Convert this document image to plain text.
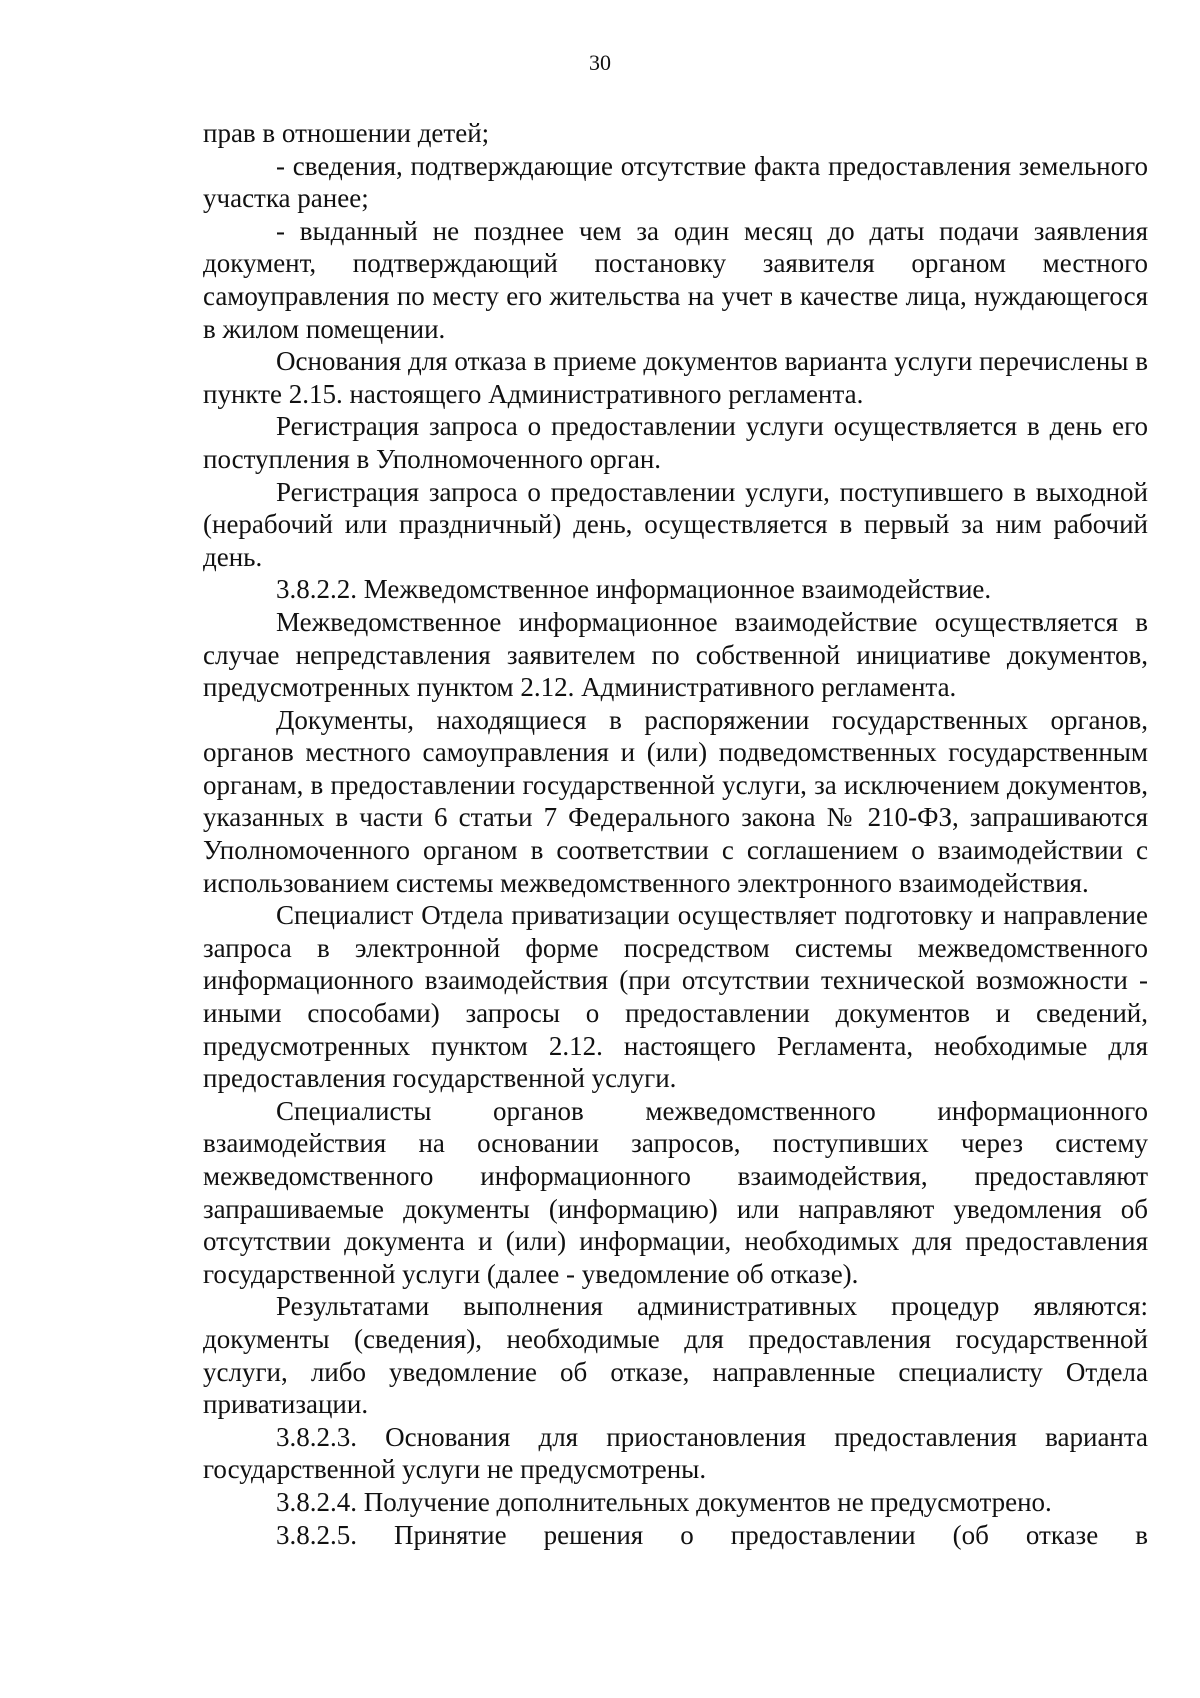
30

прав в отношении детей;

- сведения, подтверждающие отсутствие факта предоставления земельного участка ранее;

- выданный не позднее чем за один месяц до даты подачи заявления документ, подтверждающий постановку заявителя органом местного самоуправления по месту его жительства на учет в качестве лица, нуждающегося в жилом помещении.

Основания для отказа в приеме документов варианта услуги перечислены в пункте 2.15. настоящего Административного регламента.

Регистрация запроса о предоставлении услуги осуществляется в день его поступления в Уполномоченного орган.

Регистрация запроса о предоставлении услуги, поступившего в выходной (нерабочий или праздничный) день, осуществляется в первый за ним рабочий день.

3.8.2.2. Межведомственное информационное взаимодействие.

Межведомственное информационное взаимодействие осуществляется в случае непредставления заявителем по собственной инициативе документов, предусмотренных пунктом 2.12. Административного регламента.

Документы, находящиеся в распоряжении государственных органов, органов местного самоуправления и (или) подведомственных государственным органам, в предоставлении государственной услуги, за исключением документов, указанных в части 6 статьи 7 Федерального закона № 210-ФЗ, запрашиваются Уполномоченного органом в соответствии с соглашением о взаимодействии с использованием системы межведомственного электронного взаимодействия.

Специалист Отдела приватизации осуществляет подготовку и направление запроса в электронной форме посредством системы межведомственного информационного взаимодействия (при отсутствии технической возможности - иными способами) запросы о предоставлении документов и сведений, предусмотренных пунктом 2.12. настоящего Регламента, необходимые для предоставления государственной услуги.

Специалисты органов межведомственного информационного взаимодействия на основании запросов, поступивших через систему межведомственного информационного взаимодействия, предоставляют запрашиваемые документы (информацию) или направляют уведомления об отсутствии документа и (или) информации, необходимых для предоставления государственной услуги (далее - уведомление об отказе).

Результатами выполнения административных процедур являются: документы (сведения), необходимые для предоставления государственной услуги, либо уведомление об отказе, направленные специалисту Отдела приватизации.

3.8.2.3. Основания для приостановления предоставления варианта государственной услуги не предусмотрены.

3.8.2.4. Получение дополнительных документов не предусмотрено.

3.8.2.5. Принятие решения о предоставлении (об отказе в
